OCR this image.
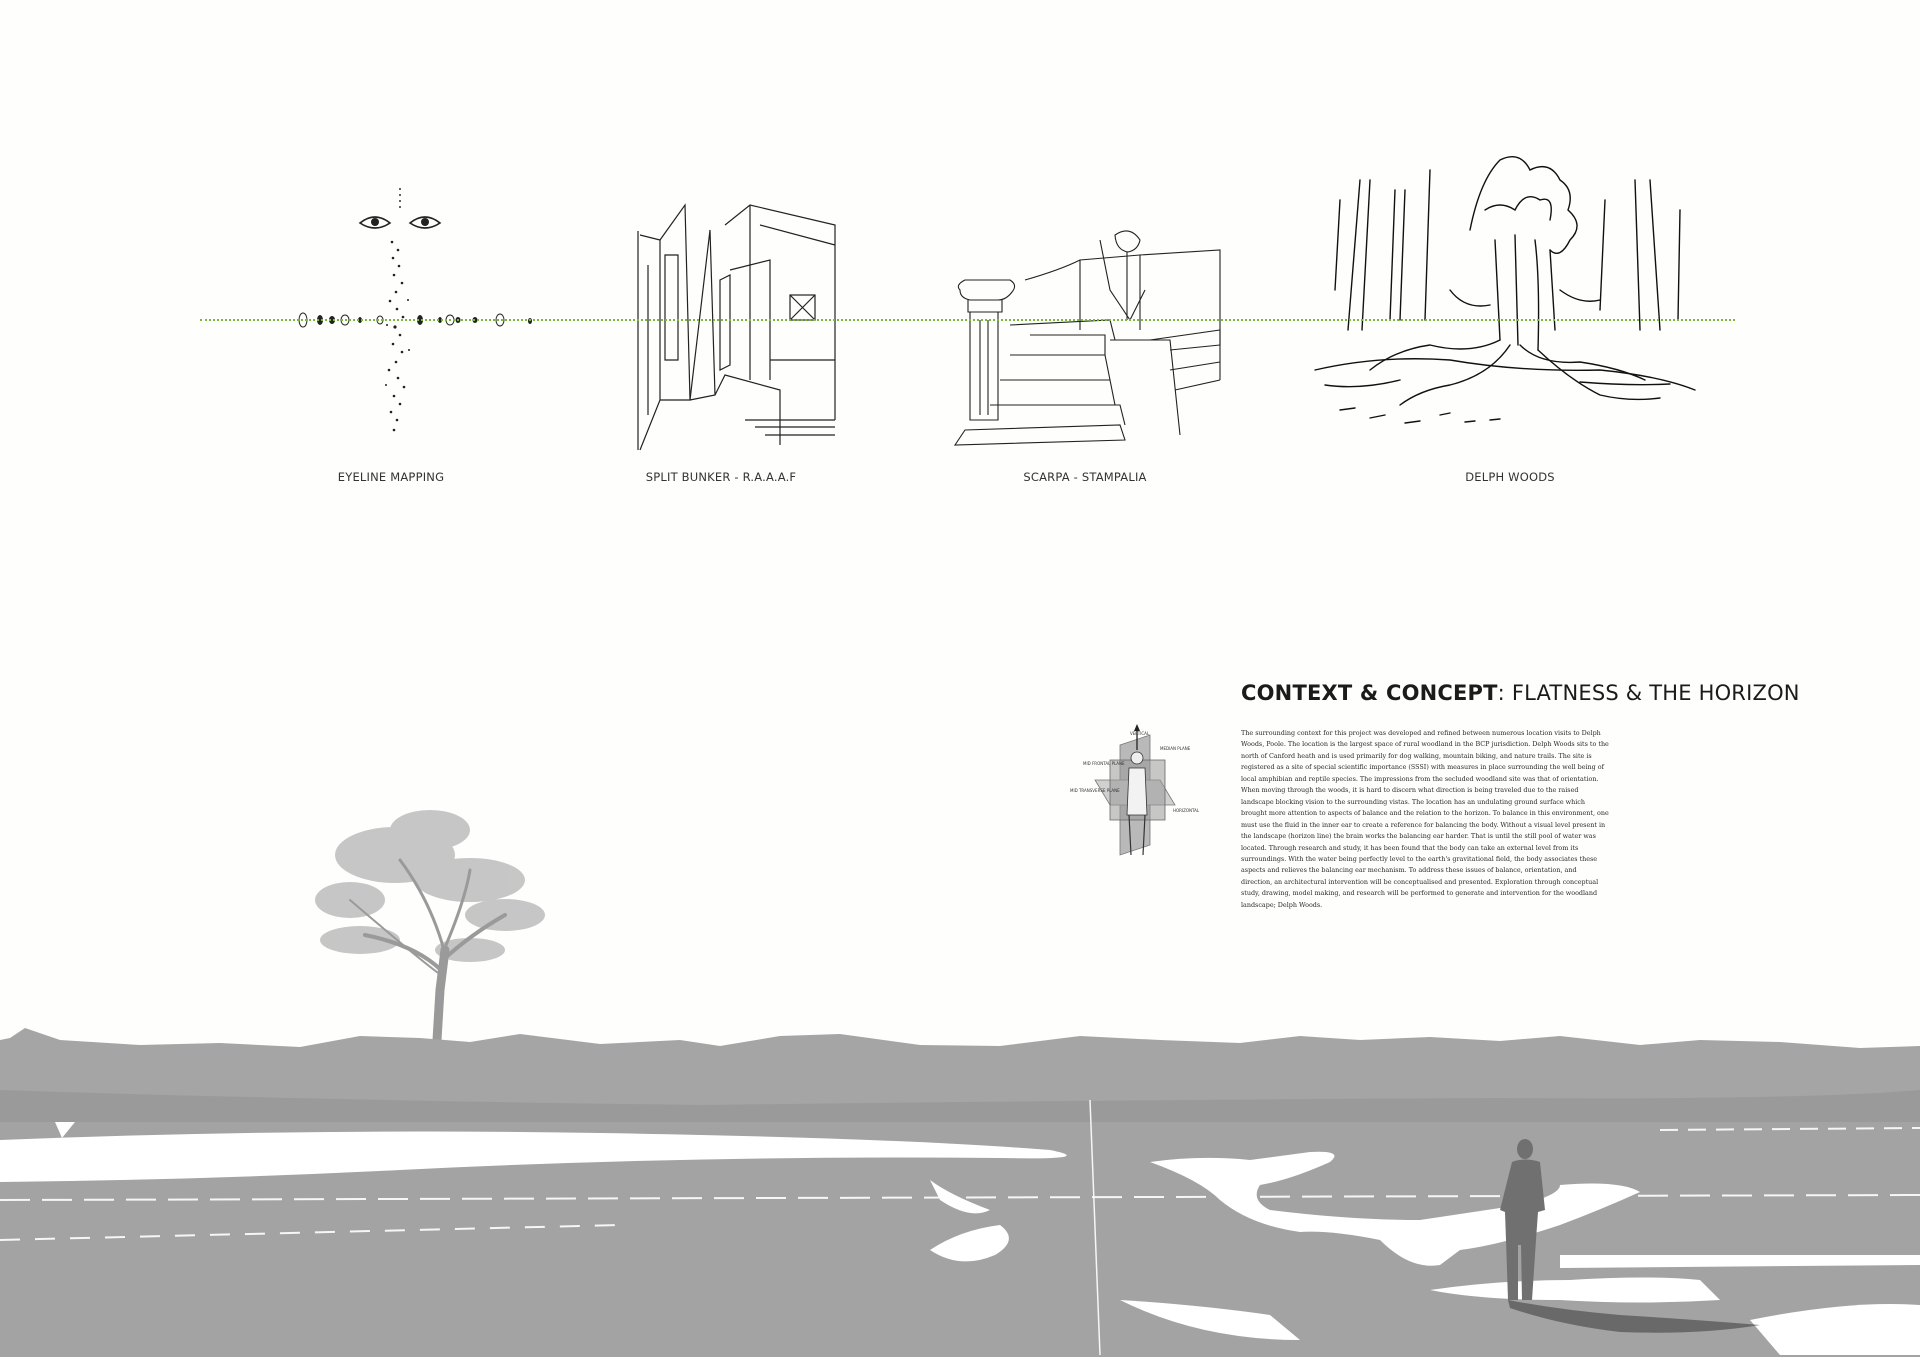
EYELINE MAPPING	SPLIT BUNKER - R.A.A.A.F	SCARPA - STAMPALIA	DELPH WOODS
CONTEXT & CONCEPT: FLATNESS & THE HORIZON
The surrounding context for this project was developed and refined between numerous location visits to Delph Woods, Poole. The location is the largest space of rural woodland in the BCP jurisdiction. Delph Woods sits to the north of Canford heath and is used primarily for dog walking, mountain biking, and nature trails. The site is registered as a site of special scientific importance (SSSI) with measures in place surrounding the well being of local amphibian and reptile species. The impressions from the secluded woodland site was that of orientation. When moving through the woods, it is hard to discern what direction is being traveled due to the raised landscape blocking vision to the surrounding vistas. The location has an undulating ground surface which brought more attention to aspects of balance and the relation to the horizon. To balance in this environment, one must use the fluid in the inner ear to create a reference for balancing the body. Without a visual level present in the landscape (horizon line) the brain works the balancing ear harder. That is until the still pool of water was located. Through research and study, it has been found that the body can take an external level from its surroundings. With the water being perfectly level to the earth's gravitational field, the body associates these aspects and relieves the balancing ear mechanism. To address these issues of balance, orientation, and direction, an architectural intervention will be conceptualised and presented. Exploration through conceptual study, drawing, model making, and research will be performed to generate and intervention for the woodland landscape; Delph Woods.
VERTICAL
MEDIAN PLANE
MID FRONTAL PLANE
MID TRANSVERSE PLANE
HORIZONTAL
